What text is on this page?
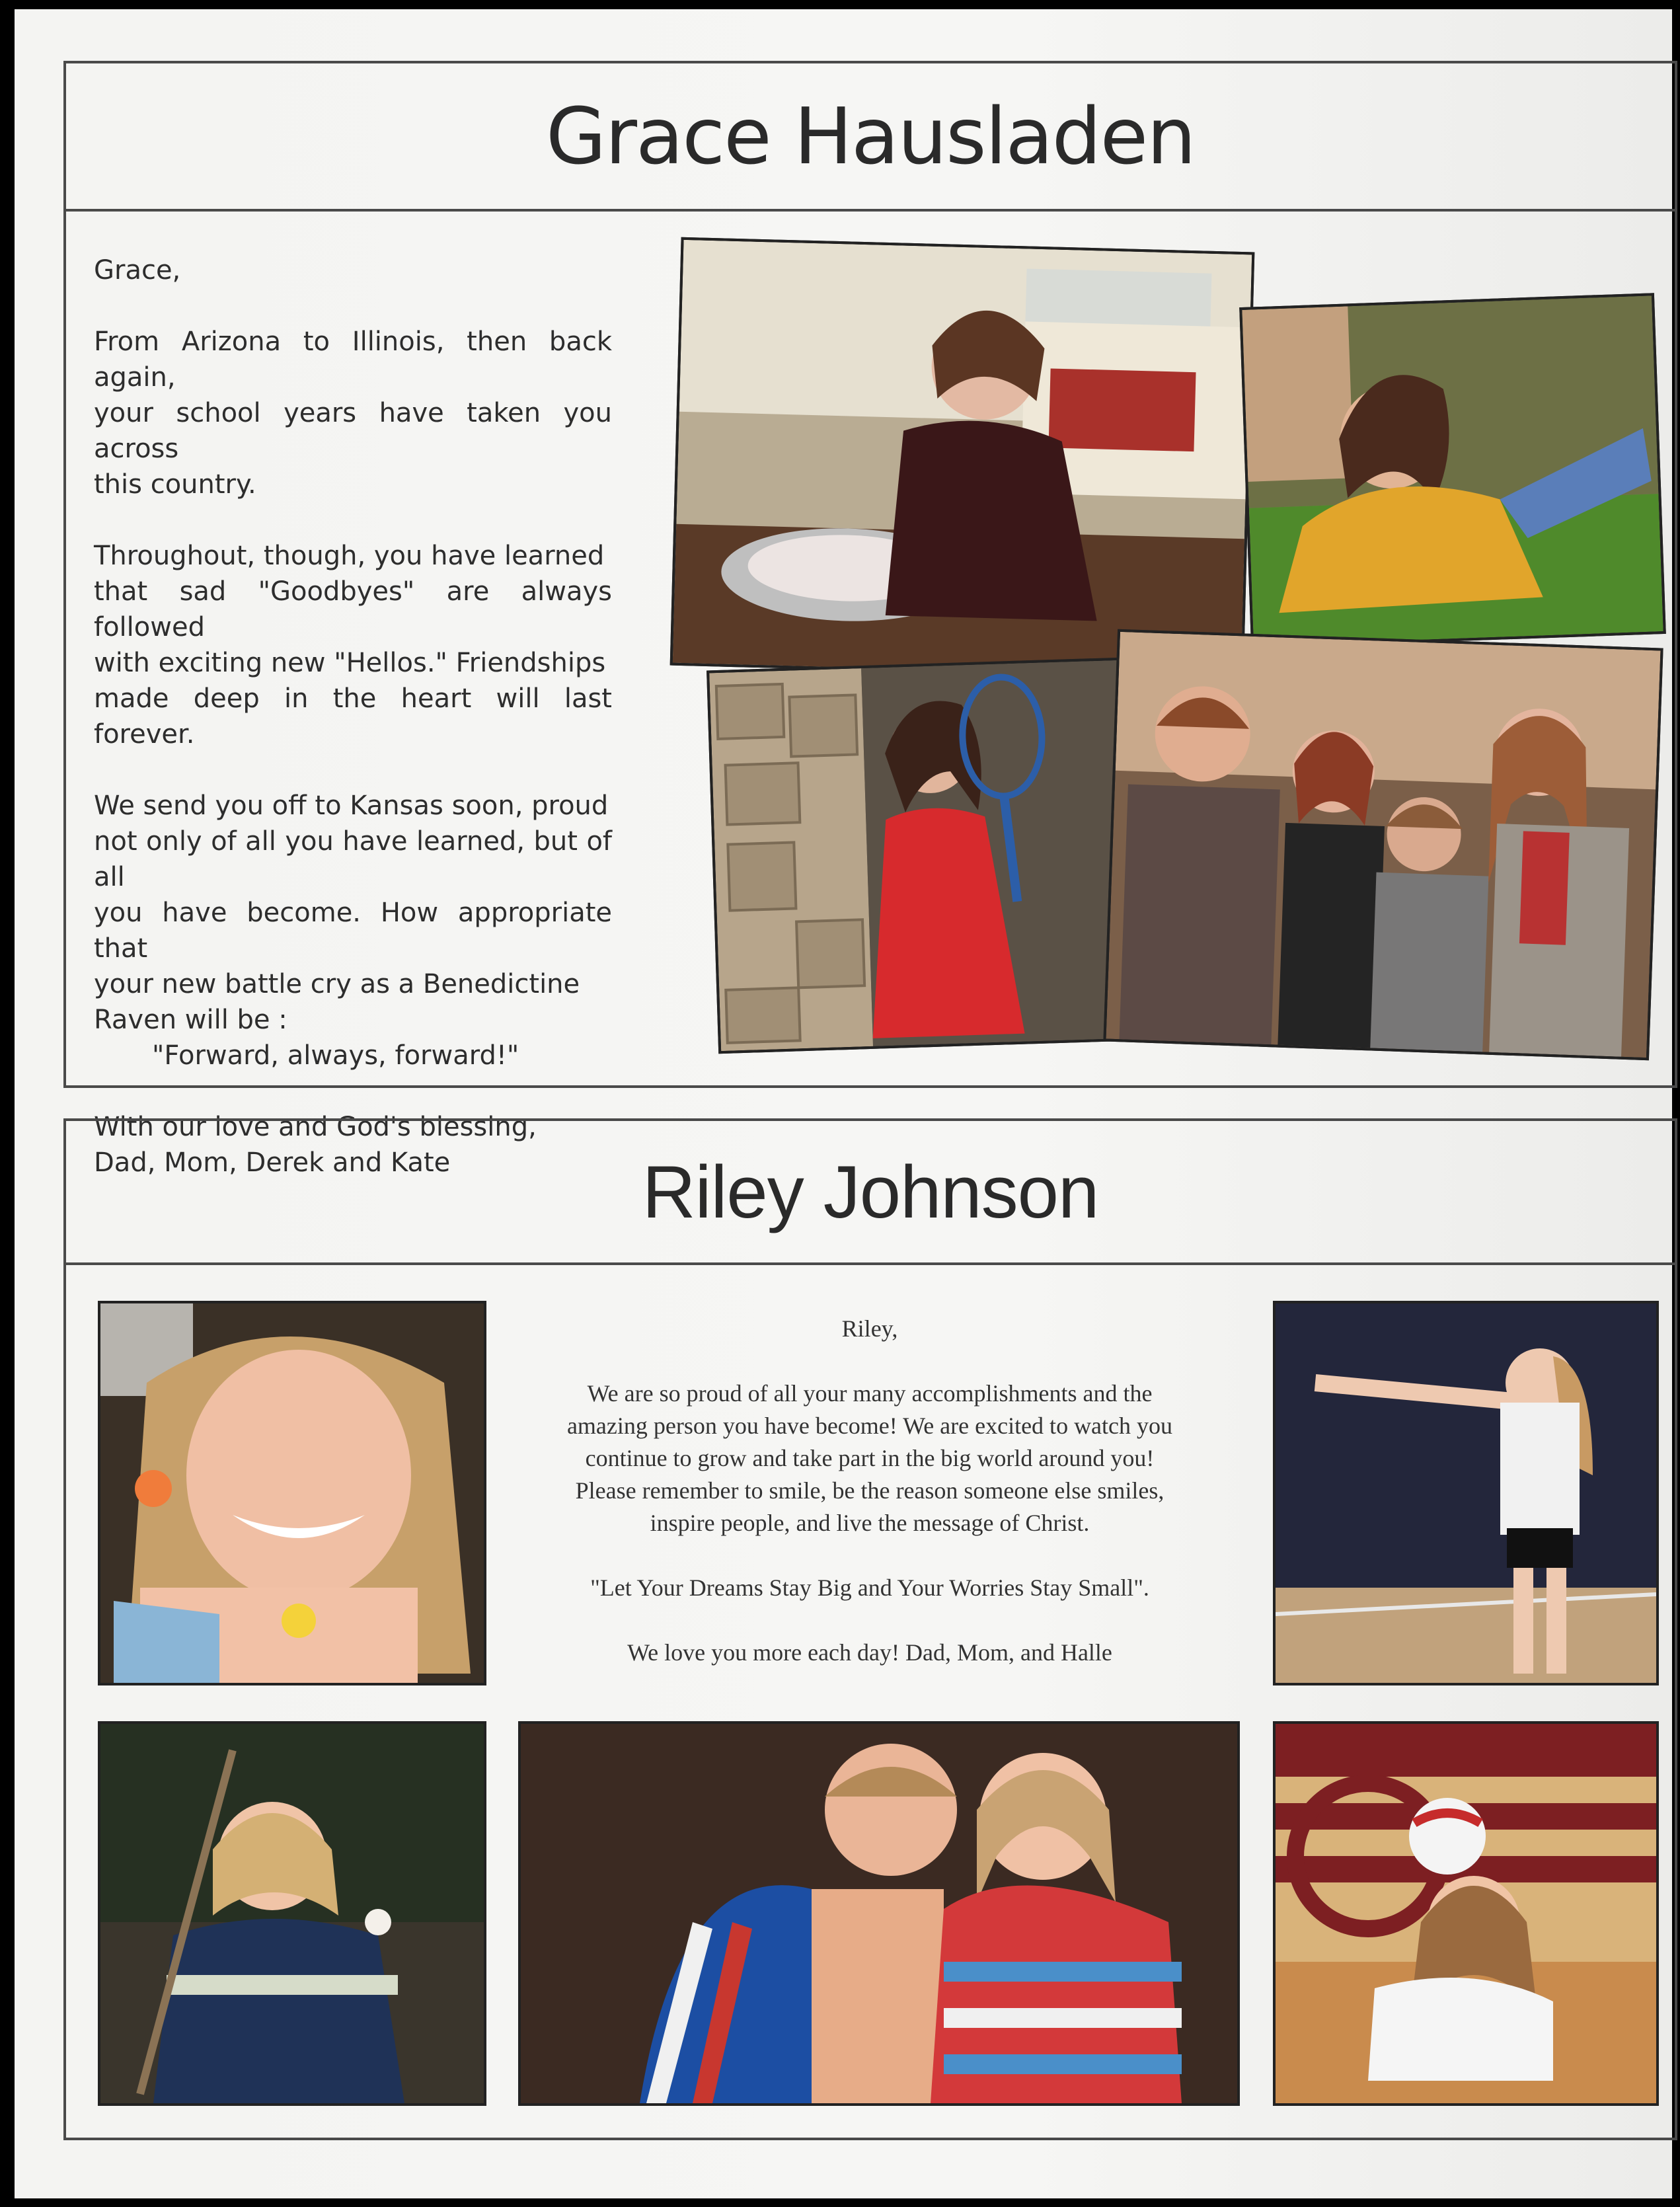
Grace Hausladen

Grace,

From Arizona to Illinois, then back again,
your school years have taken you across
this country.

Throughout, though, you have learned
that sad "Goodbyes" are always followed
with exciting new "Hellos." Friendships
made deep in the heart will last forever.

We send you off to Kansas soon, proud
not only of all you have learned, but of all
you have become. How appropriate that
your new battle cry as a Benedictine
Raven will be :

"Forward, always, forward!"

With our love and God's blessing,
Dad, Mom, Derek and Kate	Riley Johnson

Riley,

We are so proud of all your many accomplishments and the
amazing person you have become! We are excited to watch you
continue to grow and take part in the big world around you!
Please remember to smile, be the reason someone else smiles,
inspire people, and live the message of Christ.

"Let Your Dreams Stay Big and Your Worries Stay Small".

We love you more each day! Dad, Mom, and Halle
